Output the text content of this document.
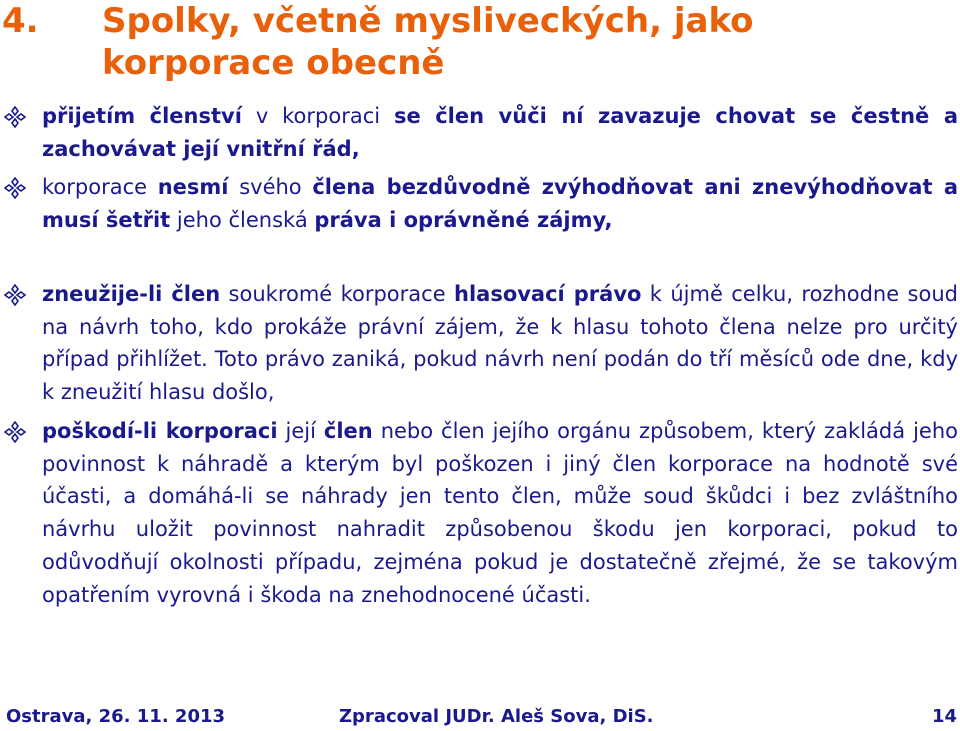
4. Spolky, včetně mysliveckých, jako korporace obecně
přijetím členství v korporaci se člen vůči ní zavazuje chovat se čestně a zachovávat její vnitřní řád,
korporace nesmí svého člena bezdůvodně zvýhodňovat ani znevýhodňovat a musí šetřit jeho členská práva i oprávněné zájmy,
zneužije-li člen soukromé korporace hlasovací právo k újmě celku, rozhodne soud na návrh toho, kdo prokáže právní zájem, že k hlasu tohoto člena nelze pro určitý případ přihlížet. Toto právo zaniká, pokud návrh není podán do tří měsíců ode dne, kdy k zneužití hlasu došlo,
poškodí-li korporaci její člen nebo člen jejího orgánu způsobem, který zakládá jeho povinnost k náhradě a kterým byl poškozen i jiný člen korporace na hodnotě své účasti, a domáhá-li se náhrady jen tento člen, může soud škůdci i bez zvláštního návrhu uložit povinnost nahradit způsobenou škodu jen korporaci, pokud to odůvodňují okolnosti případu, zejména pokud je dostatečně zřejmé, že se takovým opatřením vyrovná i škoda na znehodnocené účasti.
Ostrava, 26. 11. 2013	Zpracoval JUDr. Aleš Sova, DiS.	14
